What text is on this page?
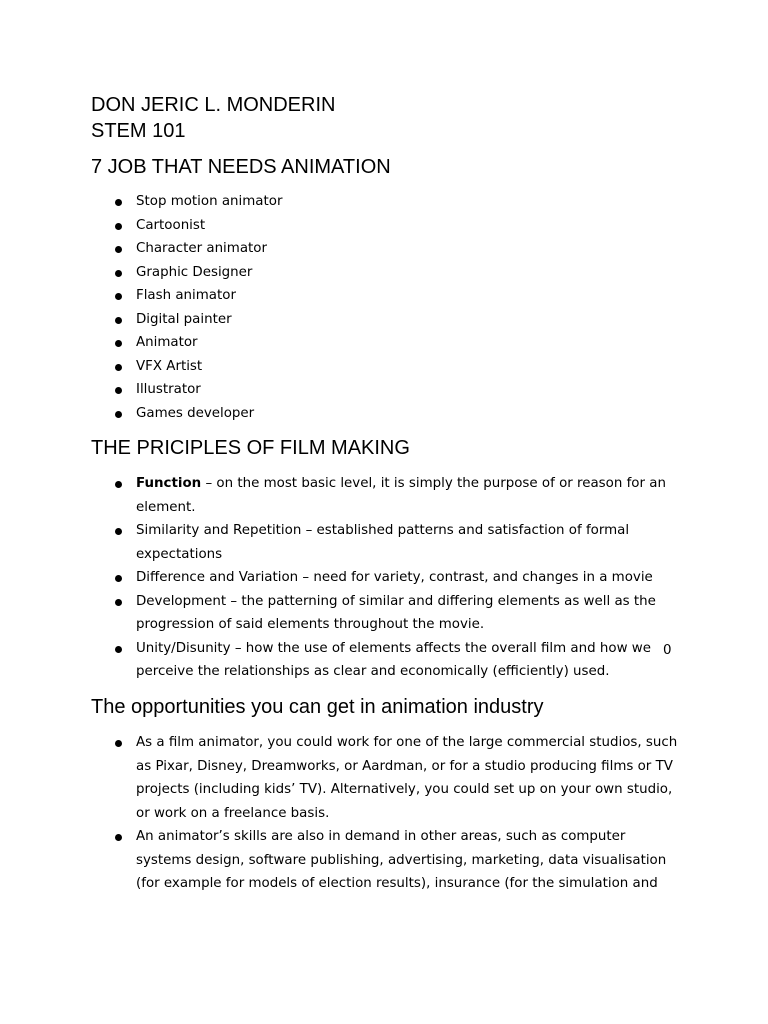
DON JERIC L. MONDERIN
STEM 101
7 JOB THAT NEEDS ANIMATION
Stop motion animator
Cartoonist
Character animator
Graphic Designer
Flash animator
Digital painter
Animator
VFX Artist
Illustrator
Games developer
THE PRICIPLES OF FILM MAKING
Function – on the most basic level, it is simply the purpose of or reason for an element.
Similarity and Repetition – established patterns and satisfaction of formal expectations
Difference and Variation – need for variety, contrast, and changes in a movie
Development – the patterning of similar and differing elements as well as the progression of said elements throughout the movie.
Unity/Disunity – how the use of elements affects the overall film and how we perceive the relationships as clear and economically (efficiently) used.
0
The opportunities you can get in animation industry
As a film animator, you could work for one of the large commercial studios, such as Pixar, Disney, Dreamworks, or Aardman, or for a studio producing films or TV projects (including kids’ TV). Alternatively, you could set up on your own studio, or work on a freelance basis.
An animator’s skills are also in demand in other areas, such as computer systems design, software publishing, advertising, marketing, data visualisation (for example for models of election results), insurance (for the simulation and
